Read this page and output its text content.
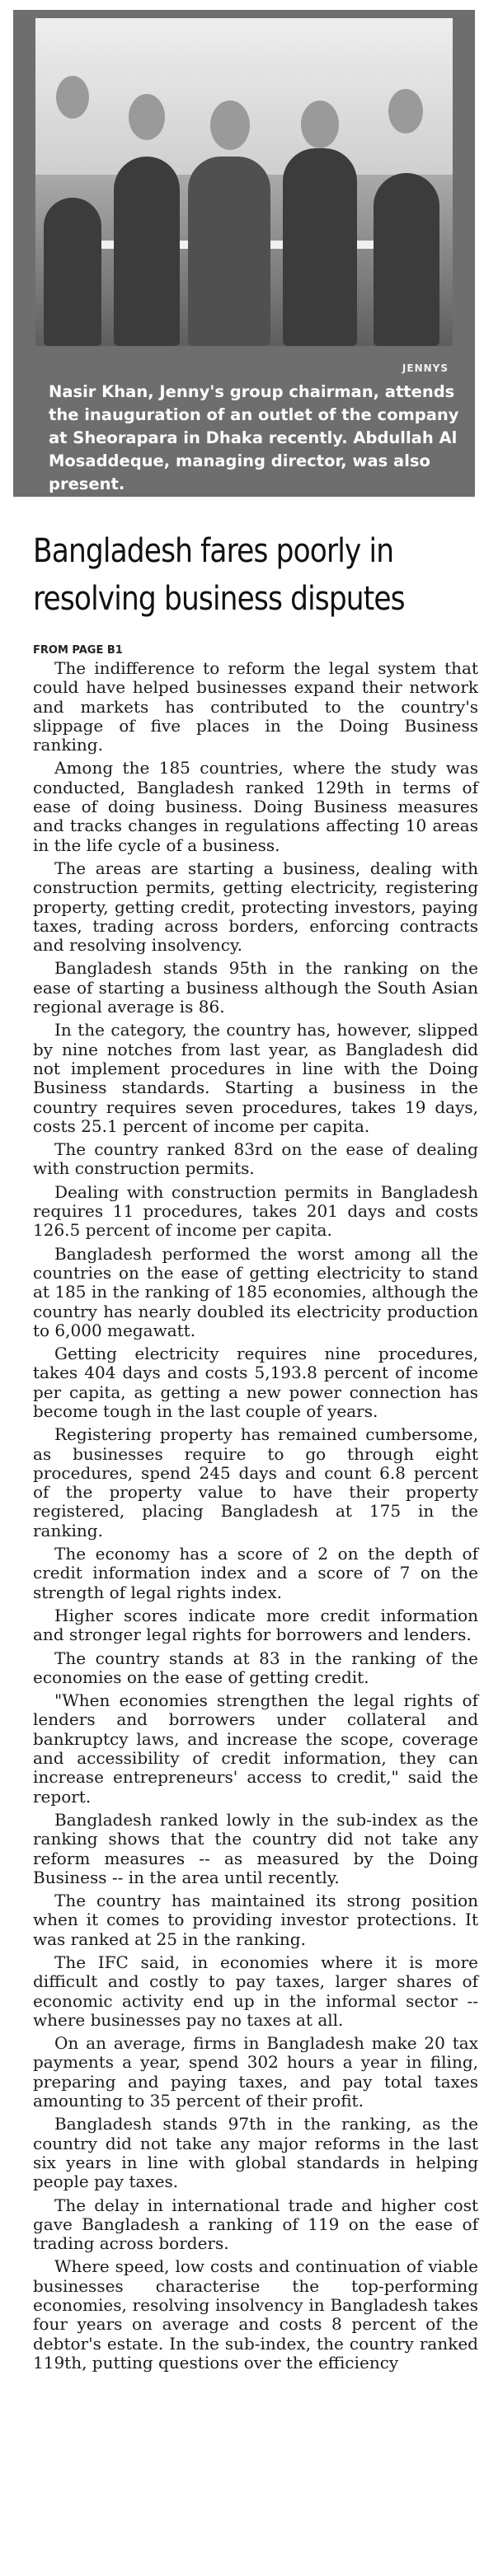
JENNYS
Nasir Khan, Jenny's group chairman, attends the inauguration of an outlet of the company at Sheorapara in Dhaka recently. Abdullah Al Mosaddeque, managing director, was also present.
Bangladesh fares poorly in
resolving business disputes
FROM PAGE B1

The indifference to reform the legal system that could have helped businesses expand their network and markets has contributed to the country's slippage of five places in the Doing Business ranking.

Among the 185 countries, where the study was conducted, Bangladesh ranked 129th in terms of ease of doing business. Doing Business measures and tracks changes in regulations affecting 10 areas in the life cycle of a business.

The areas are starting a business, dealing with construction permits, getting electricity, registering property, getting credit, protecting investors, paying taxes, trading across borders, enforcing contracts and resolving insolvency.

Bangladesh stands 95th in the ranking on the ease of starting a business although the South Asian regional average is 86.

In the category, the country has, however, slipped by nine notches from last year, as Bangladesh did not implement procedures in line with the Doing Business standards. Starting a business in the country requires seven procedures, takes 19 days, costs 25.1 percent of income per capita.

The country ranked 83rd on the ease of dealing with construction permits.

Dealing with construction permits in Bangladesh requires 11 procedures, takes 201 days and costs 126.5 percent of income per capita.

Bangladesh performed the worst among all the countries on the ease of getting electricity to stand at 185 in the ranking of 185 economies, although the country has nearly doubled its electricity production to 6,000 megawatt.

Getting electricity requires nine procedures, takes 404 days and costs 5,193.8 percent of income per capita, as getting a new power connection has become tough in the last couple of years.

Registering property has remained cumbersome, as businesses require to go through eight procedures, spend 245 days and count 6.8 percent of the property value to have their property registered, placing Bangladesh at 175 in the ranking.

The economy has a score of 2 on the depth of credit information index and a score of 7 on the strength of legal rights index.

Higher scores indicate more credit information and stronger legal rights for borrowers and lenders.

The country stands at 83 in the ranking of the economies on the ease of getting credit.

"When economies strengthen the legal rights of lenders and borrowers under collateral and bankruptcy laws, and increase the scope, coverage and accessibility of credit information, they can increase entrepreneurs' access to credit," said the report.

Bangladesh ranked lowly in the sub-index as the ranking shows that the country did not take any reform measures -- as measured by the Doing Business -- in the area until recently.

The country has maintained its strong position when it comes to providing investor protections. It was ranked at 25 in the ranking.

The IFC said, in economies where it is more difficult and costly to pay taxes, larger shares of economic activity end up in the informal sector -- where businesses pay no taxes at all.

On an average, firms in Bangladesh make 20 tax payments a year, spend 302 hours a year in filing, preparing and paying taxes, and pay total taxes amounting to 35 percent of their profit.

Bangladesh stands 97th in the ranking, as the country did not take any major reforms in the last six years in line with global standards in helping people pay taxes.

The delay in international trade and higher cost gave Bangladesh a ranking of 119 on the ease of trading across borders.

Where speed, low costs and continuation of viable businesses characterise the top-performing economies, resolving insolvency in Bangladesh takes four years on average and costs 8 percent of the debtor's estate. In the sub-index, the country ranked 119th, putting questions over the efficiency
